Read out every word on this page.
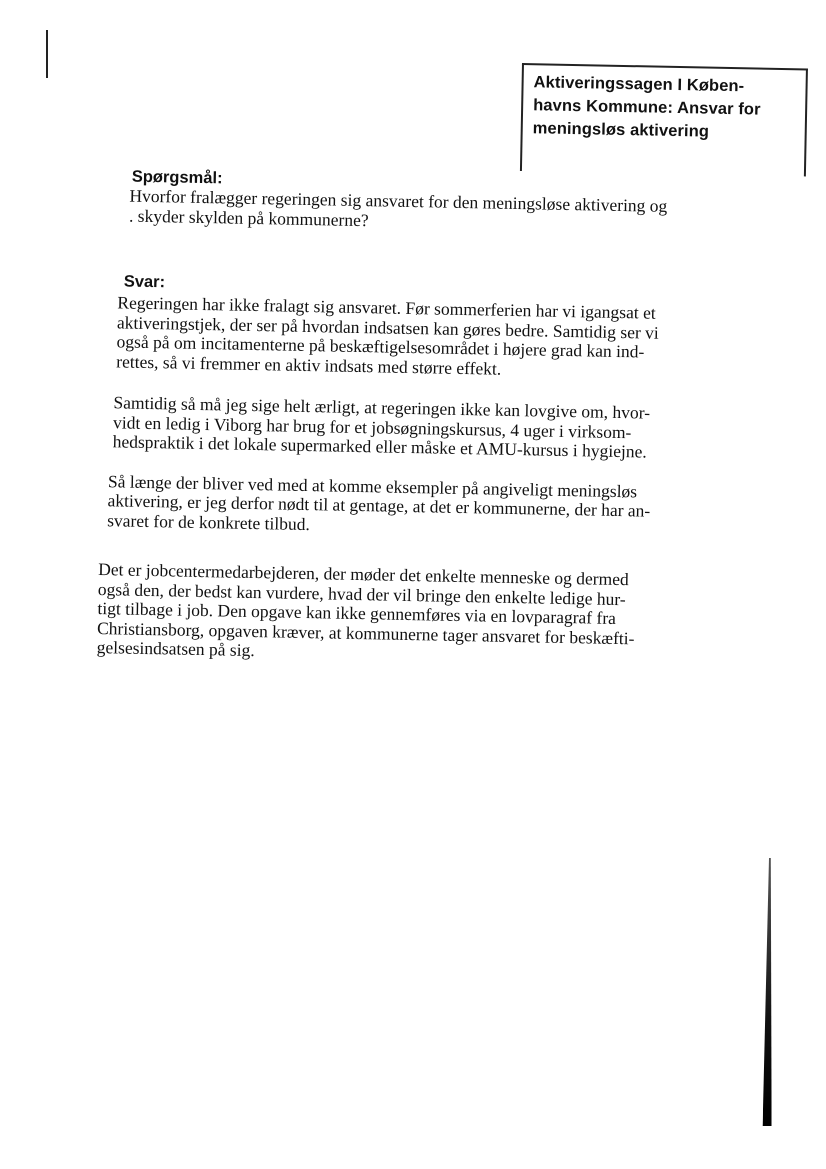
Aktiveringssagen I Køben-
havns Kommune: Ansvar for
meningsløs aktivering
Spørgsmål:

Hvorfor fralægger regeringen sig ansvaret for den meningsløse aktivering og
. skyder skylden på kommunerne?

Svar:

Regeringen har ikke fralagt sig ansvaret. Før sommerferien har vi igangsat et
aktiveringstjek, der ser på hvordan indsatsen kan gøres bedre. Samtidig ser vi
også på om incitamenterne på beskæftigelsesområdet i højere grad kan ind-
rettes, så vi fremmer en aktiv indsats med større effekt.

Samtidig så må jeg sige helt ærligt, at regeringen ikke kan lovgive om, hvor-
vidt en ledig i Viborg har brug for et jobsøgningskursus, 4 uger i virksom-
hedspraktik i det lokale supermarked eller måske et AMU-kursus i hygiejne.

Så længe der bliver ved med at komme eksempler på angiveligt meningsløs
aktivering, er jeg derfor nødt til at gentage, at det er kommunerne, der har an-
svaret for de konkrete tilbud.

Det er jobcentermedarbejderen, der møder det enkelte menneske og dermed
også den, der bedst kan vurdere, hvad der vil bringe den enkelte ledige hur-
tigt tilbage i job. Den opgave kan ikke gennemføres via en lovparagraf fra
Christiansborg, opgaven kræver, at kommunerne tager ansvaret for beskæfti-
gelsesindsatsen på sig.
